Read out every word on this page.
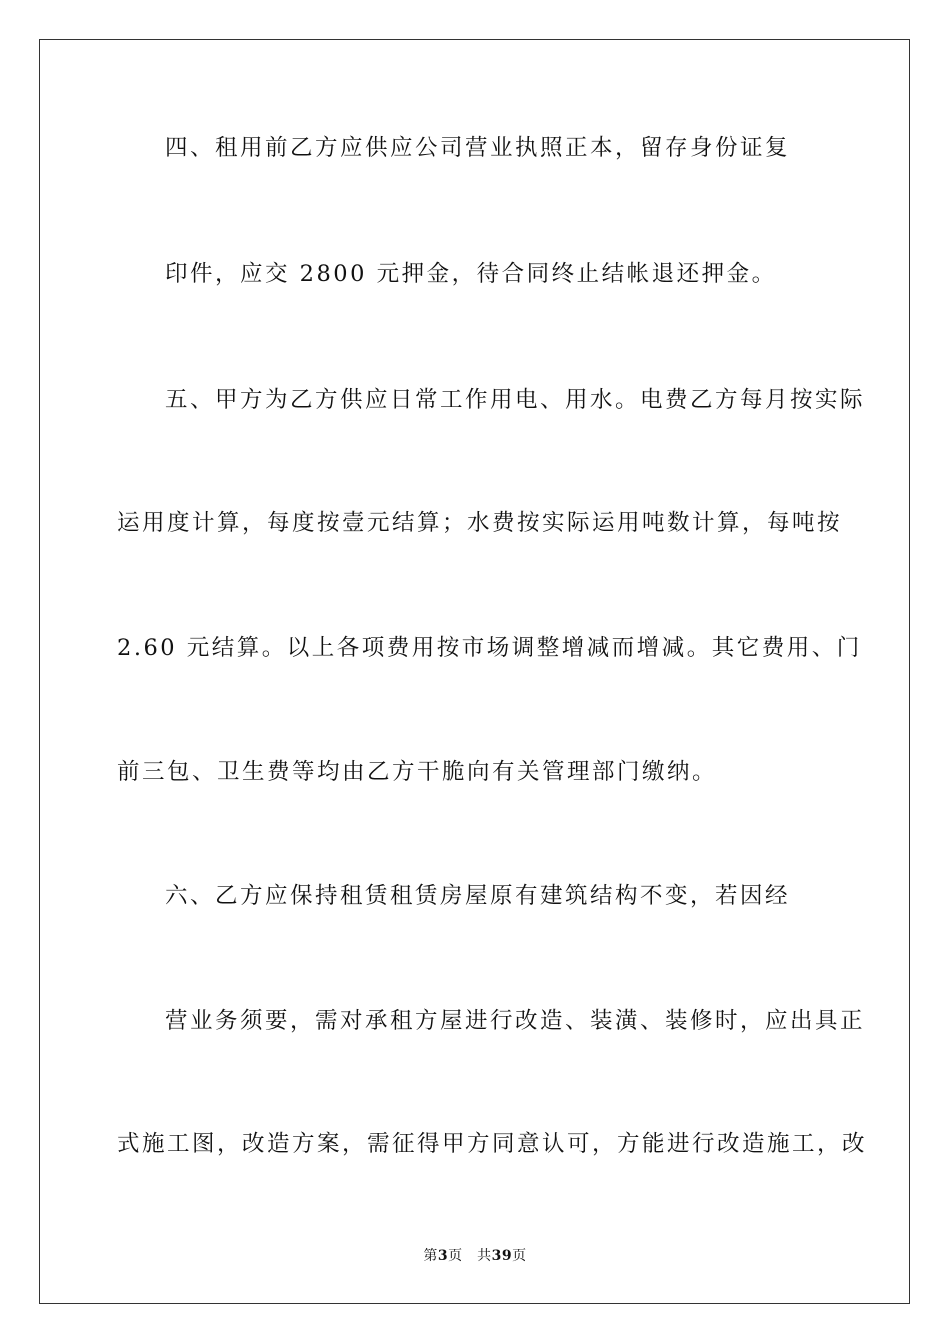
四、租用前乙方应供应公司营业执照正本，留存身份证复
印件，应交 2800 元押金，待合同终止结帐退还押金。
五、甲方为乙方供应日常工作用电、用水。电费乙方每月按实际
运用度计算，每度按壹元结算；水费按实际运用吨数计算，每吨按
2.60 元结算。以上各项费用按市场调整增减而增减。其它费用、门
前三包、卫生费等均由乙方干脆向有关管理部门缴纳。
六、乙方应保持租赁租赁房屋原有建筑结构不变，若因经
营业务须要，需对承租方屋进行改造、装潢、装修时，应出具正
式施工图，改造方案，需征得甲方同意认可，方能进行改造施工，改
第3页　共39页
